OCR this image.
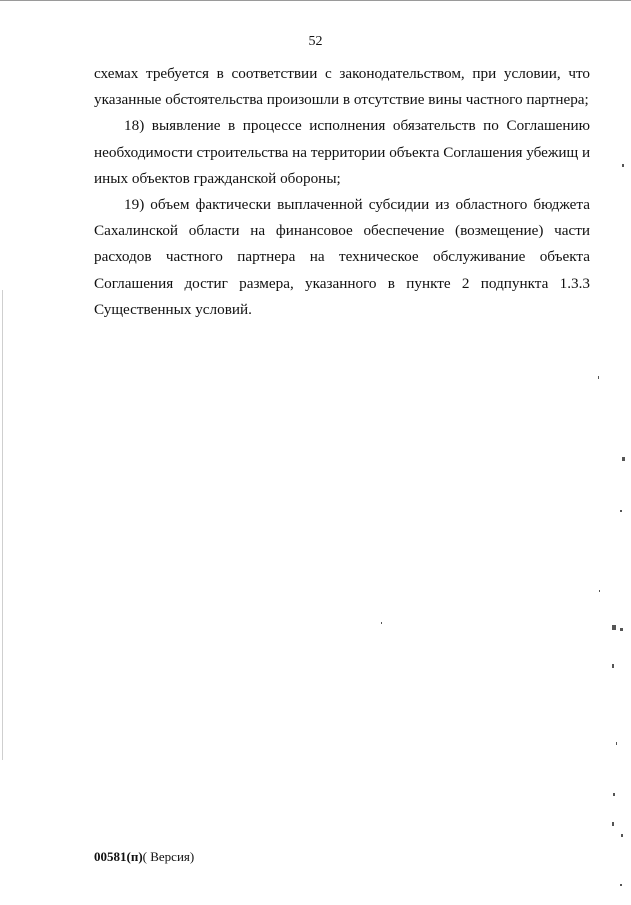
52
схемах требуется в соответствии с законодательством, при условии, что
указанные обстоятельства произошли в отсутствие вины частного партнера;
18) выявление в процессе исполнения обязательств по Соглашению
необходимости строительства на территории объекта Соглашения убежищ и
иных объектов гражданской обороны;
19) объем фактически выплаченной субсидии из областного бюджета
Сахалинской области на финансовое обеспечение (возмещение) части
расходов частного партнера на техническое обслуживание объекта
Соглашения достиг размера, указанного в пункте 2 подпункта 1.3.3
Существенных условий.
00581(п)( Версия)
